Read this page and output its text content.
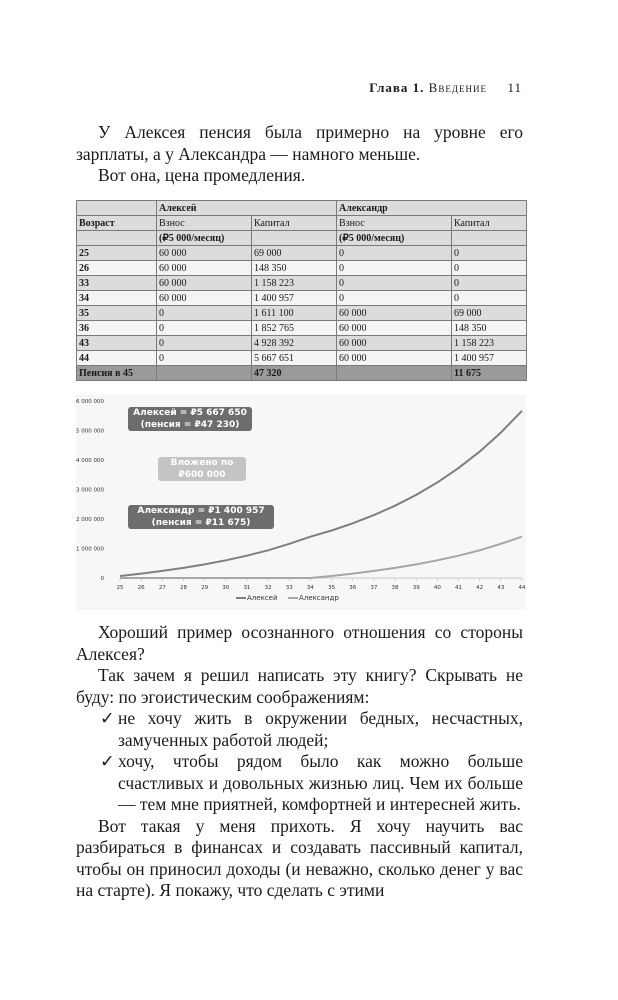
Глава 1. Введение 11

У Алексея пенсия была примерно на уровне его зарплаты, а у Александра — намного меньше.

Вот она, цена промедления.

	Алексей		Александр	
Возраст	Взнос	Капитал	Взнос	Капитал
	(₽5 000/месяц)		(₽5 000/месяц)	
25	60 000	69 000	0	0
26	60 000	148 350	0	0
33	60 000	1 158 223	0	0
34	60 000	1 400 957	0	0
35	0	1 611 100	60 000	69 000
36	0	1 852 765	60 000	148 350
43	0	4 928 392	60 000	1 158 223
44	0	5 667 651	60 000	1 400 957
Пенсия в 45		47 320		11 675
6 000 000
5 000 000
4 000 000
3 000 000
2 000 000
1 000 000
0
25	26	27	28	29	30	31	32	33	34	35	36	37	38	39	40	41	42	43	44
Алексей	Александр
Алексей = ₽5 667 650
(пенсия = ₽47 230)
Вложено по
₽600 000
Александр = ₽1 400 957
(пенсия = ₽11 675)

Хороший пример осознанного отношения со стороны Алексея?

Так зачем я решил написать эту книгу? Скрывать не буду: по эгоистическим соображениям:

✓ не хочу жить в окружении бедных, несчастных, замученных работой людей;
✓ хочу, чтобы рядом было как можно больше счастливых и довольных жизнью лиц. Чем их больше — тем мне приятней, комфортней и интересней жить.

Вот такая у меня прихоть. Я хочу научить вас разбираться в финансах и создавать пассивный капитал, чтобы он приносил доходы (и неважно, сколько денег у вас на старте). Я покажу, что сделать с этими
